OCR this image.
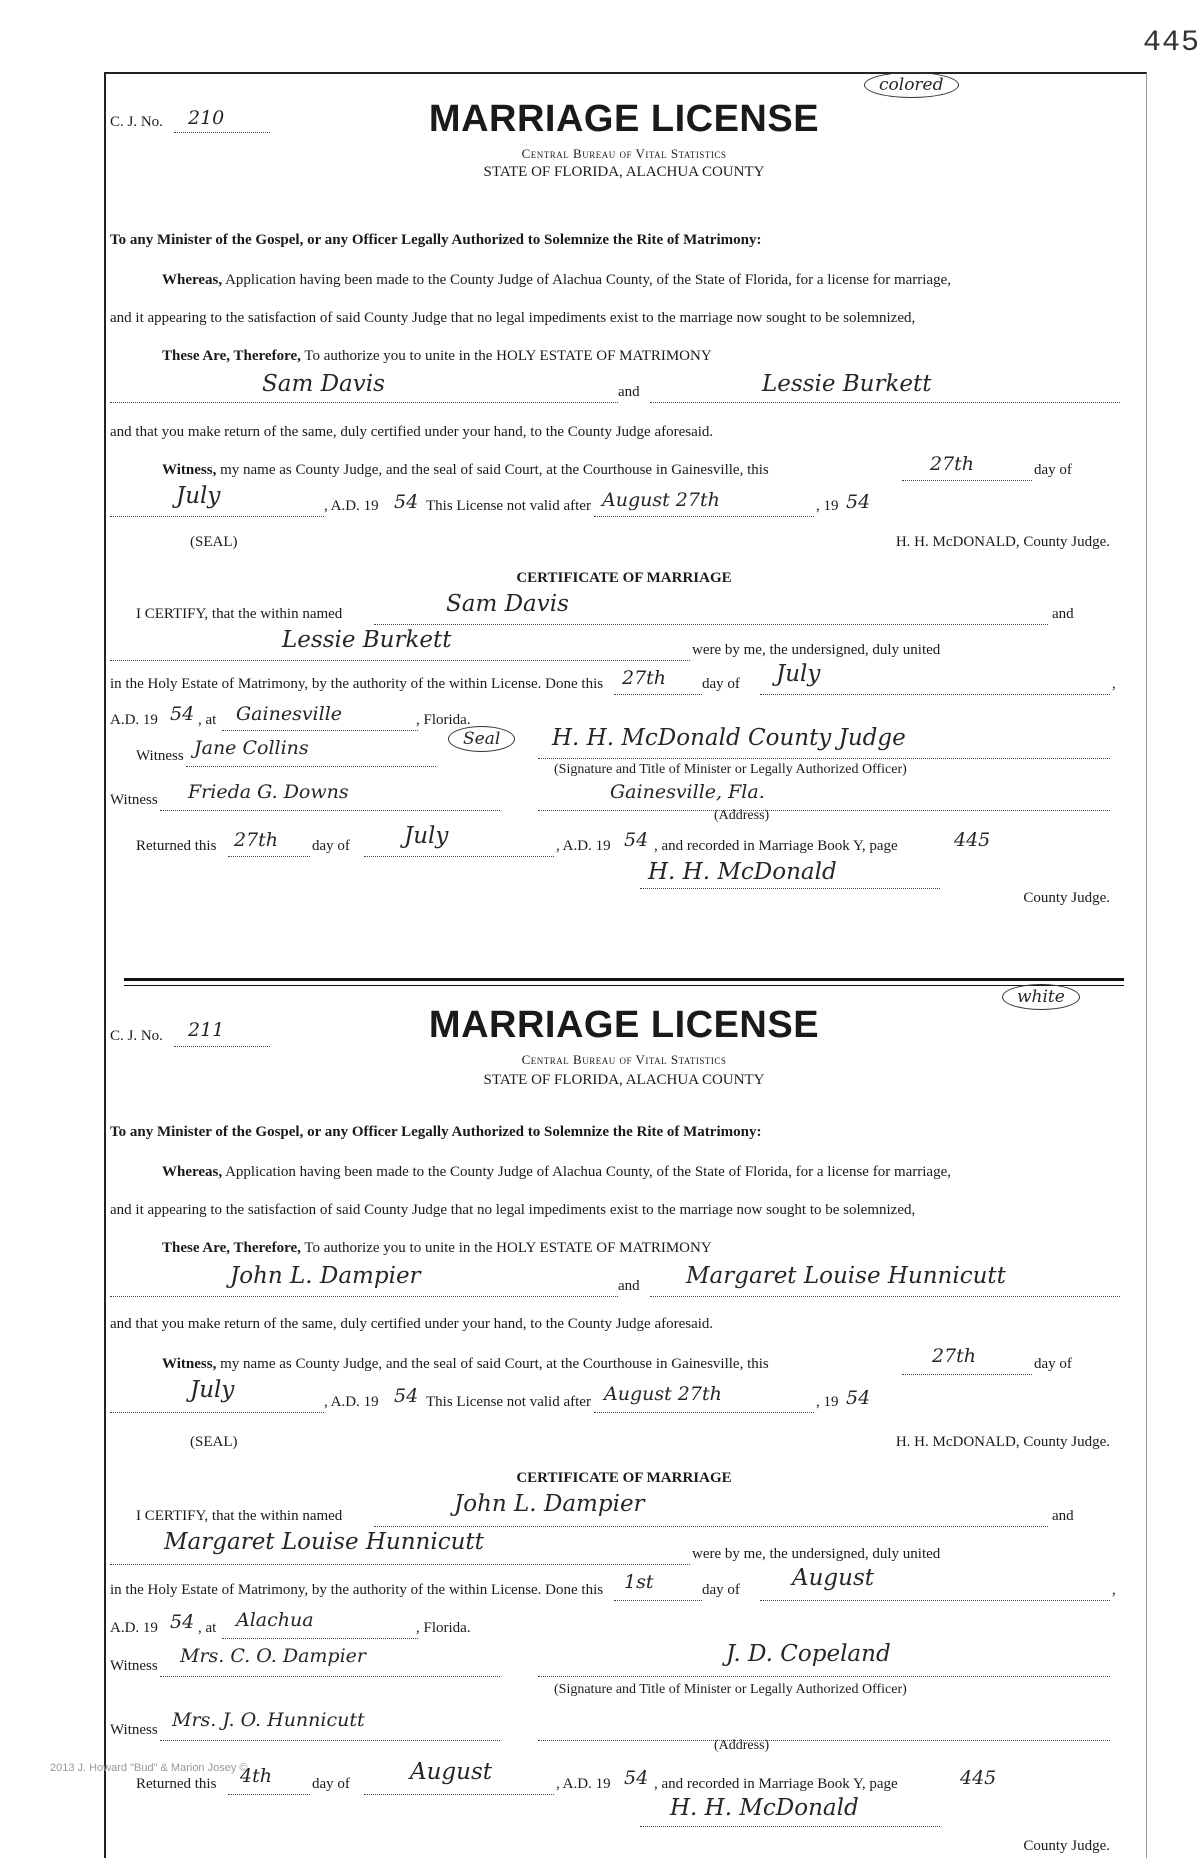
445
colored
C. J. No. 210	MARRIAGE LICENSE
Central Bureau of Vital Statistics
STATE OF FLORIDA, ALACHUA COUNTY
To any Minister of the Gospel, or any Officer Legally Authorized to Solemnize the Rite of Matrimony:
Whereas, Application having been made to the County Judge of Alachua County, of the State of Florida, for a license for marriage,
and it appearing to the satisfaction of said County Judge that no legal impediments exist to the marriage now sought to be solemnized,
These Are, Therefore, To authorize you to unite in the HOLY ESTATE OF MATRIMONY
Sam Davis	and	Lessie Burkett
and that you make return of the same, duly certified under your hand, to the County Judge aforesaid.
Witness, my name as County Judge, and the seal of said Court, at the Courthouse in Gainesville, this	27th	day of
July	, A.D. 19 54 This License not valid after August 27th	, 19 54
(SEAL)	H. H. McDONALD, County Judge.
CERTIFICATE OF MARRIAGE
I CERTIFY, that the within named	Sam Davis	and
Lessie Burkett	were by me, the undersigned, duly united
in the Holy Estate of Matrimony, by the authority of the within License. Done this 27th day of July	,
A.D. 19 54 , at Gainesville	, Florida.
Witness Jane Collins	Seal	H. H. McDonald County Judge
(Signature and Title of Minister or Legally Authorized Officer)
Witness Frieda G. Downs	Gainesville, Fla.
(Address)
Returned this 27th day of July	, A.D. 19 54 , and recorded in Marriage Book Y, page	445
H. H. McDonald
County Judge.
white
C. J. No. 211	MARRIAGE LICENSE
Central Bureau of Vital Statistics
STATE OF FLORIDA, ALACHUA COUNTY
To any Minister of the Gospel, or any Officer Legally Authorized to Solemnize the Rite of Matrimony:
Whereas, Application having been made to the County Judge of Alachua County, of the State of Florida, for a license for marriage,
and it appearing to the satisfaction of said County Judge that no legal impediments exist to the marriage now sought to be solemnized,
These Are, Therefore, To authorize you to unite in the HOLY ESTATE OF MATRIMONY
John L. Dampier	and Margaret Louise Hunnicutt
and that you make return of the same, duly certified under your hand, to the County Judge aforesaid.
Witness, my name as County Judge, and the seal of said Court, at the Courthouse in Gainesville, this	27th	day of
July	, A.D. 19 54 This License not valid after August 27th	, 19 54
(SEAL)	H. H. McDONALD, County Judge.
CERTIFICATE OF MARRIAGE
I CERTIFY, that the within named	John L. Dampier	and
Margaret Louise Hunnicutt	were by me, the undersigned, duly united
in the Holy Estate of Matrimony, by the authority of the within License. Done this 1st	day of August	,
A.D. 19 54 , at Alachua	, Florida.
Witness Mrs. C. O. Dampier	J. D. Copeland
(Signature and Title of Minister or Legally Authorized Officer)
Witness Mrs. J. O. Hunnicutt
(Address)
Returned this 4th	day of	August	, A.D. 19 54 , and recorded in Marriage Book Y, page	445
H. H. McDonald
County Judge.
2013 J. Howard "Bud" & Marion Josey ©
